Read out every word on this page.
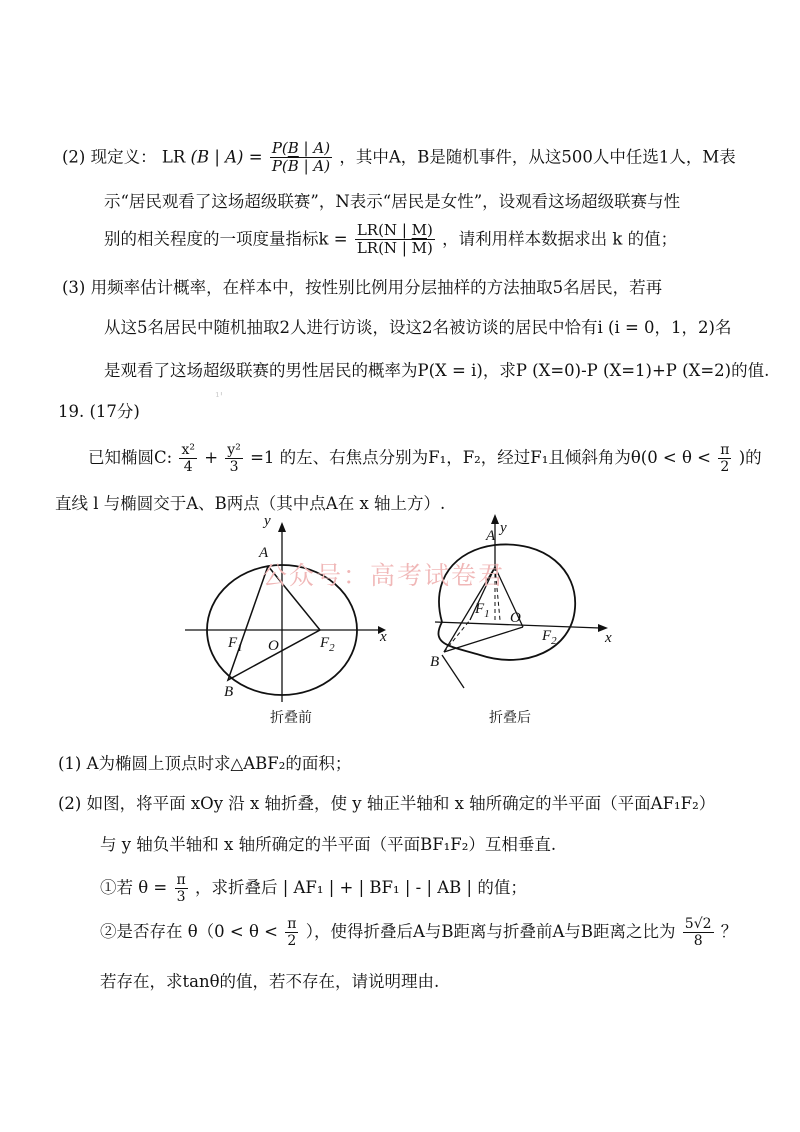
(2) 现定义： LR (B | $A) = \frac{P(B | A)}{P(\overline{B} | A)}$ ，其中A，B是随机事件，从这500人中任选1人，M表
示“居民观看了这场超级联赛”，N表示“居民是女性”，设观看这场超级联赛与性
别的相关程度的一项度量指标$k = \frac{LR(N | M)}{LR(N | \overline{M})}$ ，请利用样本数据求出 k 的值；
(3) 用频率估计概率，在样本中，按性别比例用分层抽样的方法抽取5名居民，若再
从这5名居民中随机抽取2人进行访谈，设这2名被访谈的居民中恰有i (i = 0，1，2)名
是观看了这场超级联赛的男性居民的概率为P(X = i)，求P (X=0)-P (X=1)+P (X=2)的值.
¹'
19. (17分)
已知椭圆C: $\frac{\text{x²}}{4} + \frac{\text{y²}}{3} =1$ 的左、右焦点分别为F₁，F₂，经过F₁且倾斜角为$\theta(0 < \theta < \frac{\pi}{2}$ )的
直线 l 与椭圆交于A、B两点（其中点A在 x 轴上方）.
y
A
B
O
$F_1$	$F_2$
x
A
B
O
$F_1$
$F_2$
y
x
公众号：高考试卷君
折叠前	折叠后
(1) A为椭圆上顶点时求△ABF₂的面积；
(2) 如图，将平面 xOy 沿 x 轴折叠，使 y 轴正半轴和 x 轴所确定的半平面（平面AF₁F₂）
与 y 轴负半轴和 x 轴所确定的半平面（平面BF₁F₂）互相垂直.
①若 $\theta = \frac{\pi}{3}$ ，求折叠后 | AF₁ | + | BF₁ | - | AB | 的值；
②是否存在 $\theta(0 < \theta < \frac{\pi}{2}$ ），使得折叠后A与B距离与折叠前A与B距离之比为 $\frac{5√2}{8}$ ？
若存在，求tanθ的值，若不存在，请说明理由.
